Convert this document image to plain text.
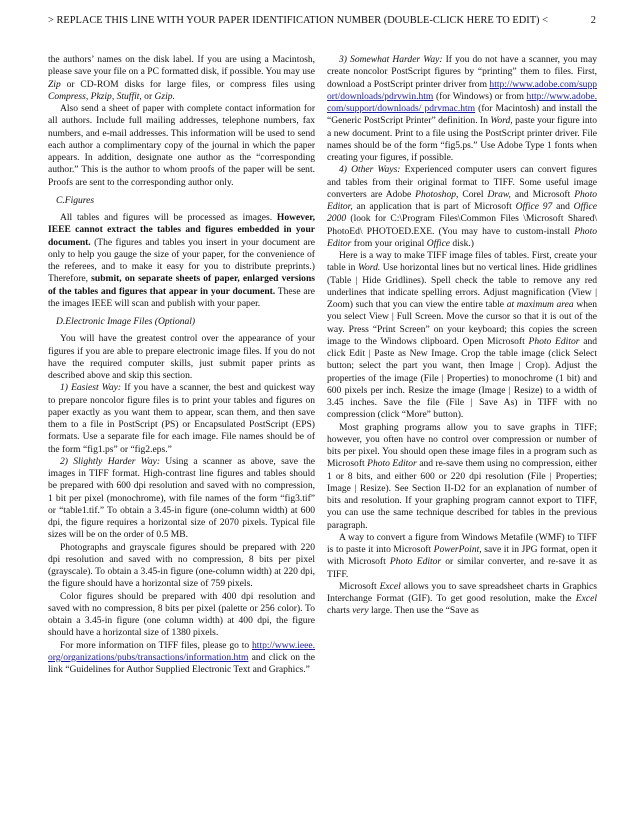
> REPLACE THIS LINE WITH YOUR PAPER IDENTIFICATION NUMBER (DOUBLE-CLICK HERE TO EDIT) <	2

the authors’ names on the disk label. If you are using a Macintosh, please save your file on a PC formatted disk, if possible. You may use Zip or CD-ROM disks for large files, or compress files using Compress, Pkzip, Stuffit, or Gzip.

Also send a sheet of paper with complete contact information for all authors. Include full mailing addresses, telephone numbers, fax numbers, and e-mail addresses. This information will be used to send each author a complimentary copy of the journal in which the paper appears. In addition, designate one author as the “corresponding author.” This is the author to whom proofs of the paper will be sent. Proofs are sent to the corresponding author only.

C.Figures

All tables and figures will be processed as images. However, IEEE cannot extract the tables and figures embedded in your document. (The figures and tables you insert in your document are only to help you gauge the size of your paper, for the convenience of the referees, and to make it easy for you to distribute preprints.) Therefore, submit, on separate sheets of paper, enlarged versions of the tables and figures that appear in your document. These are the images IEEE will scan and publish with your paper.

D.Electronic Image Files (Optional)

You will have the greatest control over the appearance of your figures if you are able to prepare electronic image files. If you do not have the required computer skills, just submit paper prints as described above and skip this section.

1) Easiest Way: If you have a scanner, the best and quickest way to prepare noncolor figure files is to print your tables and figures on paper exactly as you want them to appear, scan them, and then save them to a file in PostScript (PS) or Encapsulated PostScript (EPS) formats. Use a separate file for each image. File names should be of the form “fig1.ps” or “fig2.eps.”

2) Slightly Harder Way: Using a scanner as above, save the images in TIFF format. High-contrast line figures and tables should be prepared with 600 dpi resolution and saved with no compression, 1 bit per pixel (monochrome), with file names of the form “fig3.tif” or “table1.tif.” To obtain a 3.45-in figure (one-column width) at 600 dpi, the figure requires a horizontal size of 2070 pixels. Typical file sizes will be on the order of 0.5 MB.

Photographs and grayscale figures should be prepared with 220 dpi resolution and saved with no compression, 8 bits per pixel (grayscale). To obtain a 3.45-in figure (one-column width) at 220 dpi, the figure should have a horizontal size of 759 pixels.

Color figures should be prepared with 400 dpi resolution and saved with no compression, 8 bits per pixel (palette or 256 color). To obtain a 3.45-in figure (one column width) at 400 dpi, the figure should have a horizontal size of 1380 pixels.

For more information on TIFF files, please go to http://www.ieee.org/organizations/pubs/transactions/information.htm and click on the link “Guidelines for Author Supplied Electronic Text and Graphics.”

3) Somewhat Harder Way: If you do not have a scanner, you may create noncolor PostScript figures by “printing” them to files. First, download a PostScript printer driver from http://www.adobe.com/support/downloads/pdrvwin.htm (for Windows) or from http://www.adobe.com/support/downloads/ pdrvmac.htm (for Macintosh) and install the “Generic PostScript Printer” definition. In Word, paste your figure into a new document. Print to a file using the PostScript printer driver. File names should be of the form “fig5.ps.” Use Adobe Type 1 fonts when creating your figures, if possible.

4) Other Ways: Experienced computer users can convert figures and tables from their original format to TIFF. Some useful image converters are Adobe Photoshop, Corel Draw, and Microsoft Photo Editor, an application that is part of Microsoft Office 97 and Office 2000 (look for C:\Program Files\Common Files \Microsoft Shared\ PhotoEd\ PHOTOED.EXE. (You may have to custom-install Photo Editor from your original Office disk.)

Here is a way to make TIFF image files of tables. First, create your table in Word. Use horizontal lines but no vertical lines. Hide gridlines (Table | Hide Gridlines). Spell check the table to remove any red underlines that indicate spelling errors. Adjust magnification (View | Zoom) such that you can view the entire table at maximum area when you select View | Full Screen. Move the cursor so that it is out of the way. Press “Print Screen” on your keyboard; this copies the screen image to the Windows clipboard. Open Microsoft Photo Editor and click Edit | Paste as New Image. Crop the table image (click Select button; select the part you want, then Image | Crop). Adjust the properties of the image (File | Properties) to monochrome (1 bit) and 600 pixels per inch. Resize the image (Image | Resize) to a width of 3.45 inches. Save the file (File | Save As) in TIFF with no compression (click “More” button).

Most graphing programs allow you to save graphs in TIFF; however, you often have no control over compression or number of bits per pixel. You should open these image files in a program such as Microsoft Photo Editor and re-save them using no compression, either 1 or 8 bits, and either 600 or 220 dpi resolution (File | Properties; Image | Resize). See Section II-D2 for an explanation of number of bits and resolution. If your graphing program cannot export to TIFF, you can use the same technique described for tables in the previous paragraph.

A way to convert a figure from Windows Metafile (WMF) to TIFF is to paste it into Microsoft PowerPoint, save it in JPG format, open it with Microsoft Photo Editor or similar converter, and re-save it as TIFF.

Microsoft Excel allows you to save spreadsheet charts in Graphics Interchange Format (GIF). To get good resolution, make the Excel charts very large. Then use the “Save as
